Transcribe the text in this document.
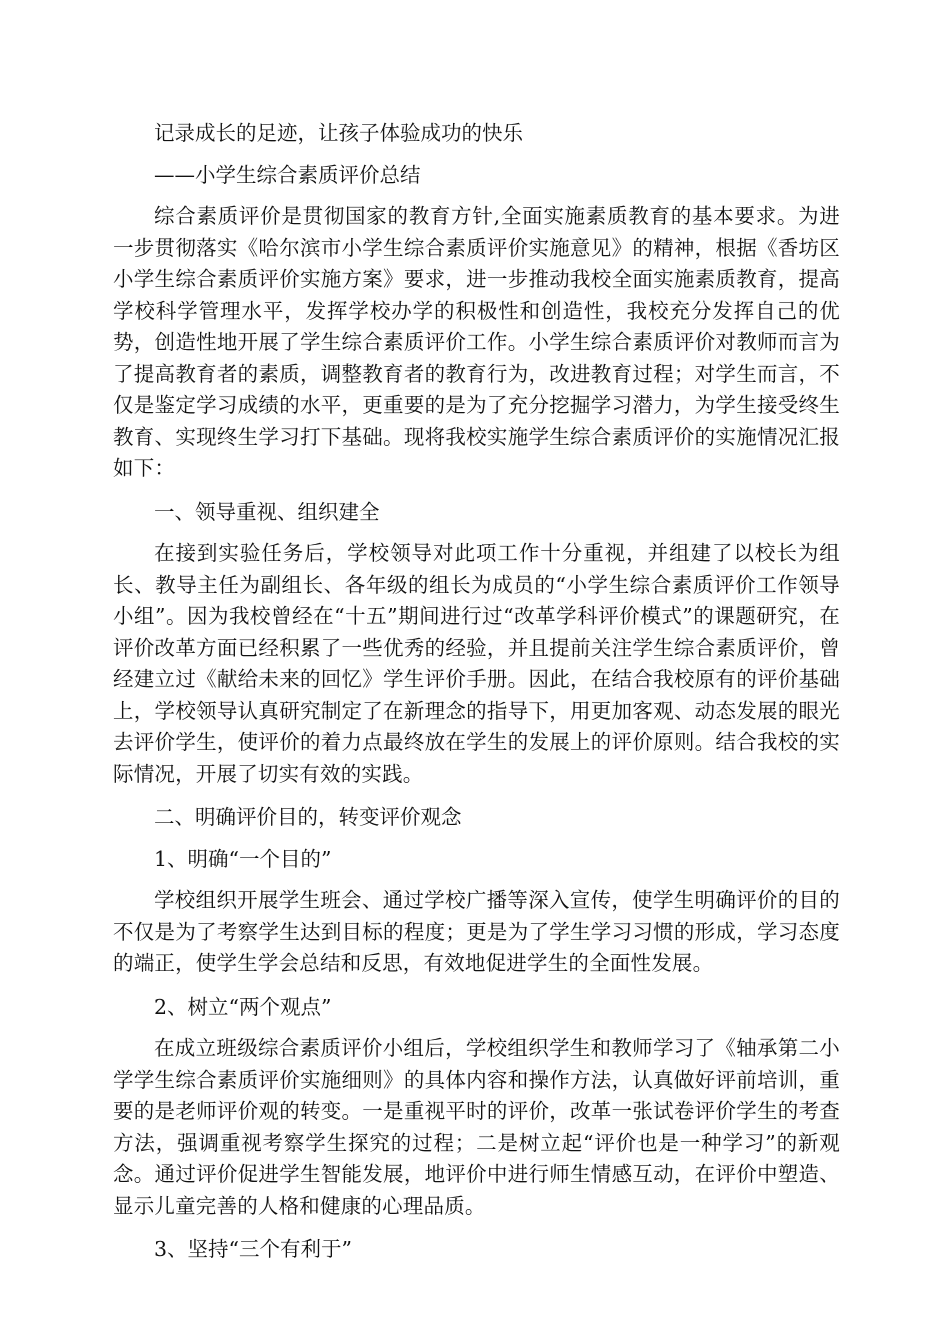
记录成长的足迹，让孩子体验成功的快乐

——小学生综合素质评价总结

综合素质评价是贯彻国家的教育方针,全面实施素质教育的基本要求。为进一步贯彻落实《哈尔滨市小学生综合素质评价实施意见》的精神，根据《香坊区小学生综合素质评价实施方案》要求，进一步推动我校全面实施素质教育，提高学校科学管理水平，发挥学校办学的积极性和创造性，我校充分发挥自己的优势，创造性地开展了学生综合素质评价工作。小学生综合素质评价对教师而言为了提高教育者的素质，调整教育者的教育行为，改进教育过程；对学生而言，不仅是鉴定学习成绩的水平，更重要的是为了充分挖掘学习潜力，为学生接受终生教育、实现终生学习打下基础。现将我校实施学生综合素质评价的实施情况汇报如下：

一、领导重视、组织建全

在接到实验任务后，学校领导对此项工作十分重视，并组建了以校长为组长、教导主任为副组长、各年级的组长为成员的“小学生综合素质评价工作领导小组”。因为我校曾经在“十五”期间进行过“改革学科评价模式”的课题研究，在评价改革方面已经积累了一些优秀的经验，并且提前关注学生综合素质评价，曾经建立过《献给未来的回忆》学生评价手册。因此，在结合我校原有的评价基础上，学校领导认真研究制定了在新理念的指导下，用更加客观、动态发展的眼光去评价学生，使评价的着力点最终放在学生的发展上的评价原则。结合我校的实际情况，开展了切实有效的实践。

二、明确评价目的，转变评价观念

1、明确“一个目的”

学校组织开展学生班会、通过学校广播等深入宣传，使学生明确评价的目的不仅是为了考察学生达到目标的程度；更是为了学生学习习惯的形成，学习态度的端正，使学生学会总结和反思，有效地促进学生的全面性发展。

2、树立“两个观点”

在成立班级综合素质评价小组后，学校组织学生和教师学习了《轴承第二小学学生综合素质评价实施细则》的具体内容和操作方法，认真做好评前培训，重要的是老师评价观的转变。一是重视平时的评价，改革一张试卷评价学生的考查方法，强调重视考察学生探究的过程；二是树立起“评价也是一种学习”的新观念。通过评价促进学生智能发展，地评价中进行师生情感互动，在评价中塑造、显示儿童完善的人格和健康的心理品质。

3、坚持“三个有利于”
